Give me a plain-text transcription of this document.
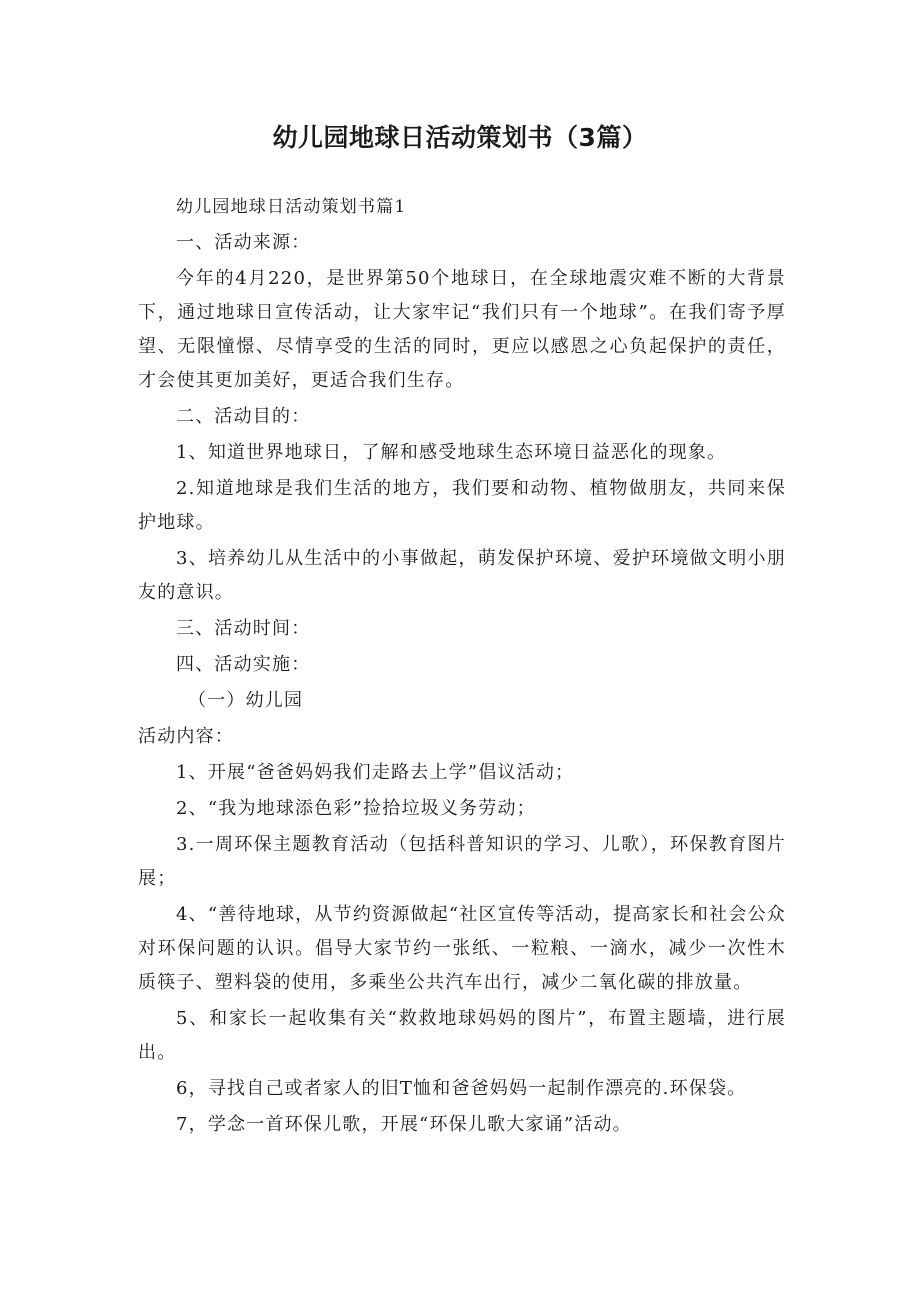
幼儿园地球日活动策划书（3篇）

幼儿园地球日活动策划书篇1

一、活动来源：

今年的4月220，是世界第50个地球日，在全球地震灾难不断的大背景下，通过地球日宣传活动，让大家牢记“我们只有一个地球”。在我们寄予厚望、无限憧憬、尽情享受的生活的同时，更应以感恩之心负起保护的责任，才会使其更加美好，更适合我们生存。

二、活动目的：

1、知道世界地球日，了解和感受地球生态环境日益恶化的现象。

2.知道地球是我们生活的地方，我们要和动物、植物做朋友，共同来保护地球。

3、培养幼儿从生活中的小事做起，萌发保护环境、爱护环境做文明小朋友的意识。

三、活动时间：

四、活动实施：

（一）幼儿园

活动内容：

1、开展“爸爸妈妈我们走路去上学”倡议活动；

2、“我为地球添色彩”捡拾垃圾义务劳动；

3.一周环保主题教育活动（包括科普知识的学习、儿歌），环保教育图片展；

4、“善待地球，从节约资源做起“社区宣传等活动，提高家长和社会公众对环保问题的认识。倡导大家节约一张纸、一粒粮、一滴水，减少一次性木质筷子、塑料袋的使用，多乘坐公共汽车出行，减少二氧化碳的排放量。

5、和家长一起收集有关“救救地球妈妈的图片”，布置主题墙，进行展出。

6，寻找自己或者家人的旧T恤和爸爸妈妈一起制作漂亮的.环保袋。

7，学念一首环保儿歌，开展“环保儿歌大家诵”活动。
